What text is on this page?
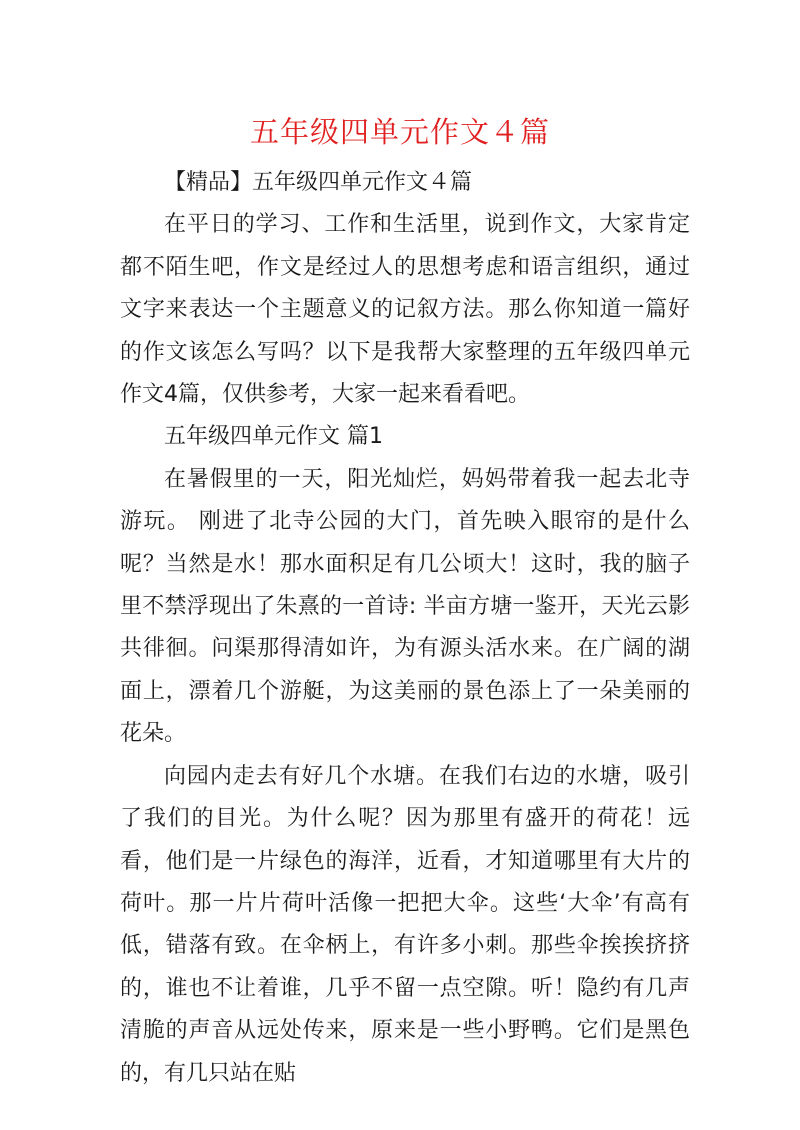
五年级四单元作文４篇

【精品】五年级四单元作文４篇

在平日的学习、工作和生活里，说到作文，大家肯定都不陌生吧，作文是经过人的思想考虑和语言组织，通过文字来表达一个主题意义的记叙方法。那么你知道一篇好的作文该怎么写吗？以下是我帮大家整理的五年级四单元作文4篇，仅供参考，大家一起来看看吧。

五年级四单元作文 篇1

在暑假里的一天，阳光灿烂，妈妈带着我一起去北寺游玩。 刚进了北寺公园的大门，首先映入眼帘的是什么呢？当然是水！那水面积足有几公顷大！这时，我的脑子里不禁浮现出了朱熹的一首诗: 半亩方塘一鉴开，天光云影共徘徊。问渠那得清如许，为有源头活水来。在广阔的湖面上，漂着几个游艇，为这美丽的景色添上了一朵美丽的花朵。

向园内走去有好几个水塘。在我们右边的水塘，吸引了我们的目光。为什么呢？因为那里有盛开的荷花！远看，他们是一片绿色的海洋，近看，才知道哪里有大片的荷叶。那一片片荷叶活像一把把大伞。这些‘大伞’有高有低，错落有致。在伞柄上，有许多小刺。那些伞挨挨挤挤的，谁也不让着谁，几乎不留一点空隙。听！隐约有几声清脆的声音从远处传来，原来是一些小野鸭。它们是黑色的，有几只站在贴
